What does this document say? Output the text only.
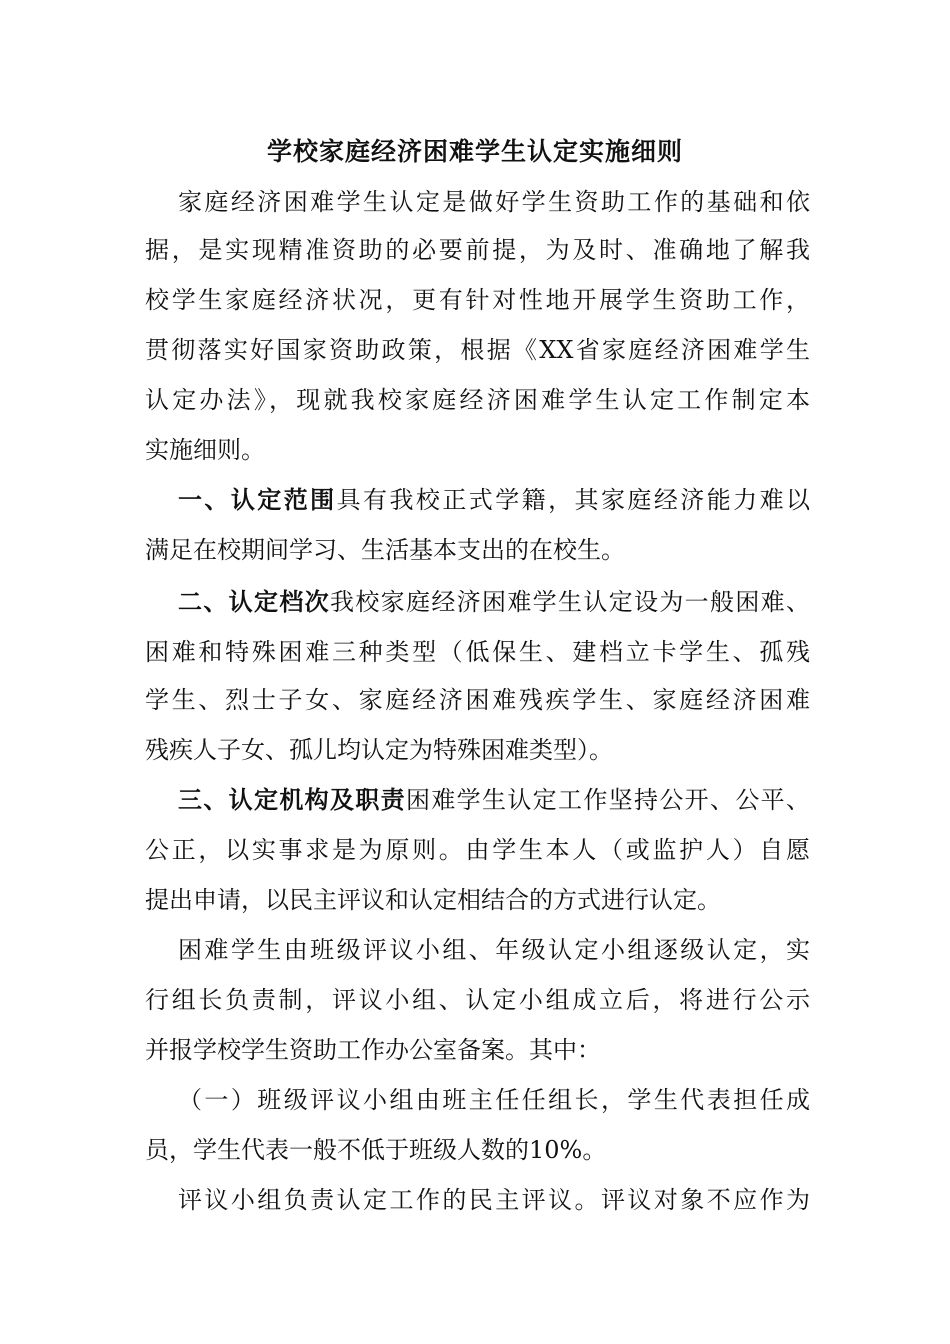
学校家庭经济困难学生认定实施细则
家庭经济困难学生认定是做好学生资助工作的基础和依
据，是实现精准资助的必要前提，为及时、准确地了解我
校学生家庭经济状况，更有针对性地开展学生资助工作，
贯彻落实好国家资助政策，根据《XX省家庭经济困难学生
认定办法》，现就我校家庭经济困难学生认定工作制定本
实施细则。
一、认定范围具有我校正式学籍，其家庭经济能力难以
满足在校期间学习、生活基本支出的在校生。
二、认定档次我校家庭经济困难学生认定设为一般困难、
困难和特殊困难三种类型（低保生、建档立卡学生、孤残
学生、烈士子女、家庭经济困难残疾学生、家庭经济困难
残疾人子女、孤儿均认定为特殊困难类型）。
三、认定机构及职责困难学生认定工作坚持公开、公平、
公正，以实事求是为原则。由学生本人（或监护人）自愿
提出申请，以民主评议和认定相结合的方式进行认定。
困难学生由班级评议小组、年级认定小组逐级认定，实
行组长负责制，评议小组、认定小组成立后，将进行公示
并报学校学生资助工作办公室备案。其中：
（一）班级评议小组由班主任任组长，学生代表担任成
员，学生代表一般不低于班级人数的10%。
评议小组负责认定工作的民主评议。评议对象不应作为
